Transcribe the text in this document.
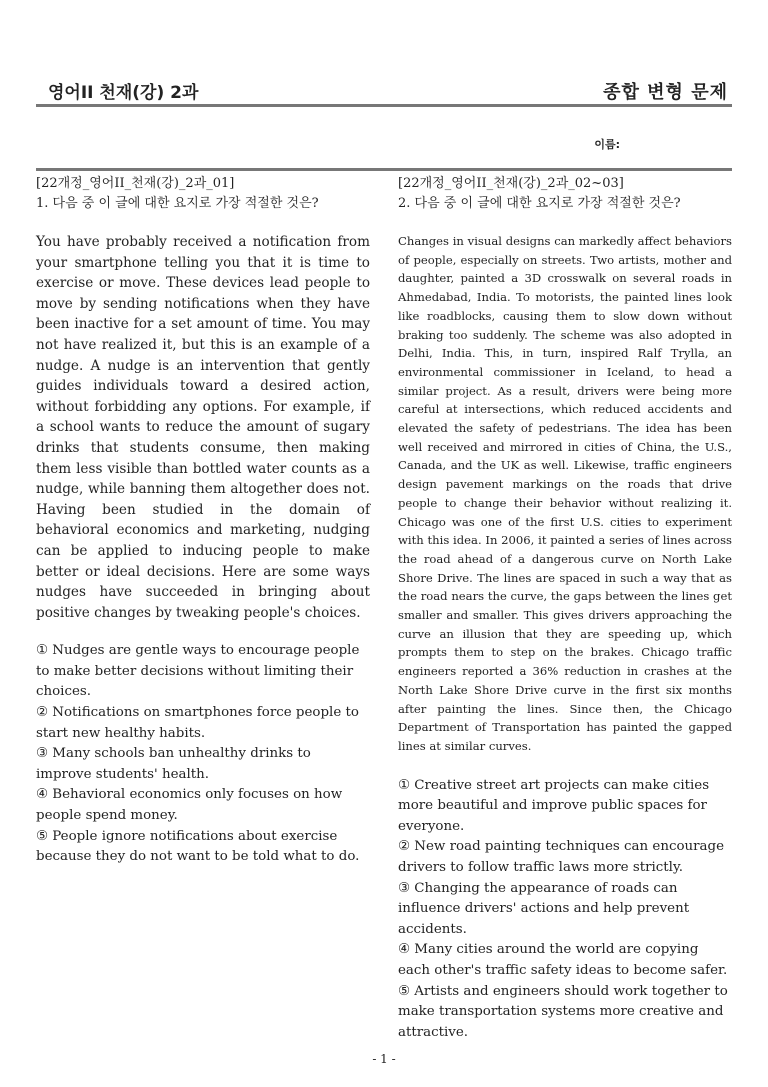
영어II 천재(강) 2과	종합 변형 문제
이름:
[22개정_영어II_천재(강)_2과_01]
1. 다음 중 이 글에 대한 요지로 가장 적절한 것은?
You have probably received a notification from your smartphone telling you that it is time to exercise or move. These devices lead people to move by sending notifications when they have been inactive for a set amount of time. You may not have realized it, but this is an example of a nudge. A nudge is an intervention that gently guides individuals toward a desired action, without forbidding any options. For example, if a school wants to reduce the amount of sugary drinks that students consume, then making them less visible than bottled water counts as a nudge, while banning them altogether does not. Having been studied in the domain of behavioral economics and marketing, nudging can be applied to inducing people to make better or ideal decisions. Here are some ways nudges have succeeded in bringing about positive changes by tweaking people's choices.

① Nudges are gentle ways to encourage people to make better decisions without limiting their choices.

② Notifications on smartphones force people to start new healthy habits.

③ Many schools ban unhealthy drinks to improve students' health.

④ Behavioral economics only focuses on how people spend money.

⑤ People ignore notifications about exercise because they do not want to be told what to do.

[22개정_영어II_천재(강)_2과_02~03]
2. 다음 중 이 글에 대한 요지로 가장 적절한 것은?
Changes in visual designs can markedly affect behaviors of people, especially on streets. Two artists, mother and daughter, painted a 3D crosswalk on several roads in Ahmedabad, India. To motorists, the painted lines look like roadblocks, causing them to slow down without braking too suddenly. The scheme was also adopted in Delhi, India. This, in turn, inspired Ralf Trylla, an environmental commissioner in Iceland, to head a similar project. As a result, drivers were being more careful at intersections, which reduced accidents and elevated the safety of pedestrians. The idea has been well received and mirrored in cities of China, the U.S., Canada, and the UK as well. Likewise, traffic engineers design pavement markings on the roads that drive people to change their behavior without realizing it. Chicago was one of the first U.S. cities to experiment with this idea. In 2006, it painted a series of lines across the road ahead of a dangerous curve on North Lake Shore Drive. The lines are spaced in such a way that as the road nears the curve, the gaps between the lines get smaller and smaller. This gives drivers approaching the curve an illusion that they are speeding up, which prompts them to step on the brakes. Chicago traffic engineers reported a 36% reduction in crashes at the North Lake Shore Drive curve in the first six months after painting the lines. Since then, the Chicago Department of Transportation has painted the gapped lines at similar curves.

① Creative street art projects can make cities more beautiful and improve public spaces for everyone.

② New road painting techniques can encourage drivers to follow traffic laws more strictly.

③ Changing the appearance of roads can influence drivers' actions and help prevent accidents.

④ Many cities around the world are copying each other's traffic safety ideas to become safer.

⑤ Artists and engineers should work together to make transportation systems more creative and attractive.

- 1 -
